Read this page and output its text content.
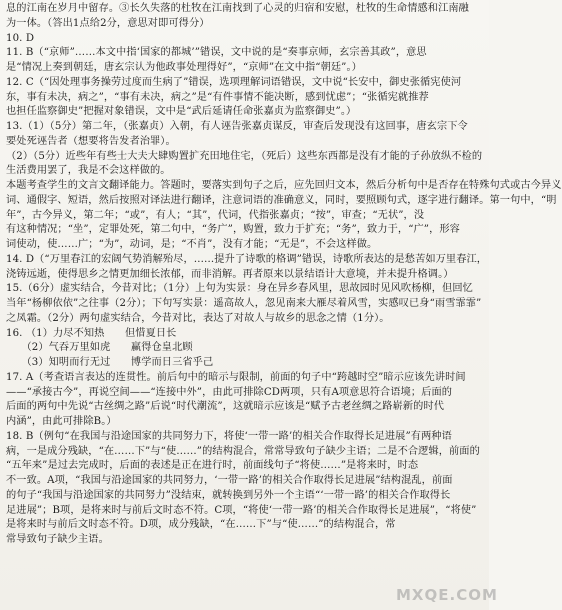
息的江南在岁月中留存。③长久失落的杜牧在江南找到了心灵的归宿和安慰，杜牧的生命情感和江南融
为一体。（答出1点给2分，意思对即可得分）
10. D
11. B（“京师”……本文中指‘国家的都城’”错误，文中说的是“奏事京师，玄宗善其政”，意思
是“情况上奏到朝廷，唐玄宗认为他政事处理得好”，“京师”在文中指“朝廷”。）
12. C（“因处理事务操劳过度而生病了”错误，选项理解词语错误，文中说“长安中，御史张循宪使河
东，事有未决，病之”，“事有未决，病之”是“有件事情不能决断，感到忧虑”；“张循宪就推荐
也担任监察御史”把握对象错误，文中是“武后延请任命张嘉贞为监察御史”。）
13.（1）（5分）第二年，（张嘉贞）入朝，有人诬告张嘉贞谋反，审查后发现没有这回事，唐玄宗下令
要处死诬告者（想要将告发者治罪）。
（2）（5分）近些年有些士大夫大肆购置扩充田地住宅，（死后）这些东西都是没有才能的子孙放纵不检的
生活费用罢了，我是不会这样做的。
本题考查学生的文言文翻译能力。答题时，要落实到句子之后，应先回归文本，然后分析句中是否存在特殊句式或古今异义
词、通假字、短语，然后按照对译法进行翻译，注意词语的准确意义，同时，要照顾句式，逐字进行翻译。第一句中，“明
年”，古今异义，第二年；“或”，有人；“其”，代词，代指张嘉贞；“按”，审查；“无状”，没
有这种情况；“坐”，定罪处死，第二句中，“务广”，购置，致力于扩充；“务”，致力于，“广”，形容
词使动，使……广；“为”，动词，是；“不肖”，没有才能；“无是”，不会这样做。
14. D（“万里春江的宏阔气势消解殆尽，……提升了诗歌的格调”错误，诗歌所表达的是愁苦如万里春江，
浇铸远逝，使得思乡之情更加细长浓郁，而非消解。再者原来以景结语计大意境，并未提升格调。）
15.（6分）虚实结合，今昔对比；（1分）上句为实景：身在异乡春风里，思故园时见风吹杨柳，但回忆
当年“杨柳依依”之往事（2分）；下句写实景：遥高故人，忽见南来大雁尽着风雪，实感叹已身“雨雪霏霏”
之凤霜。（2分）两句虚实结合，今昔对比，表达了对故人与故乡的思念之情（1分）。
16. （1）力尽不知热　　但惜夏日长
　　（2）气吞万里如虎　　赢得仓皇北顾
　　（3）知明而行无过　　博学而日三省乎己
17. A（考查语言表达的连贯性。前后句中的暗示与限制，前面的句子中“跨越时空”暗示应该先讲时间
——“承接古今”，再说空间——“连接中外”，由此可排除CD两项，只有A项意思符合语境；后面的
后面的两句中先说“古丝绸之路”后说“时代潮流”，这就暗示应该是“赋予古老丝绸之路崭新的时代
内涵”，由此可排除B。）
18. B（例句“在我国与沿途国家的共同努力下，将使‘一带一路’的相关合作取得长足进展”有两种语
病，一是成分残缺，“在……下”与“使……”的结构混合，常常导致句子缺少主语；二是不合逻辑，前面的
“五年来”是过去完成时，后面的表述是正在进行时，前面线句子“将使……”是将来时，时态
不一致。A项，“我国与沿途国家的共同努力，‘一带一路’的相关合作取得长足进展”结构混乱，前面
的句子“我国与沿途国家的共同努力”没结束，就转换到另外一个主语“‘一带一路’的相关合作取得长
足进展”；B项，是将来时与前后文时态不符。C项，“将使‘一带一路’的相关合作取得长足进展”，“将使”
是将来时与前后文时态不符。D项，成分残缺，“在……下”与“使……”的结构混合，常
常导致句子缺少主语。
MXQE.COM
